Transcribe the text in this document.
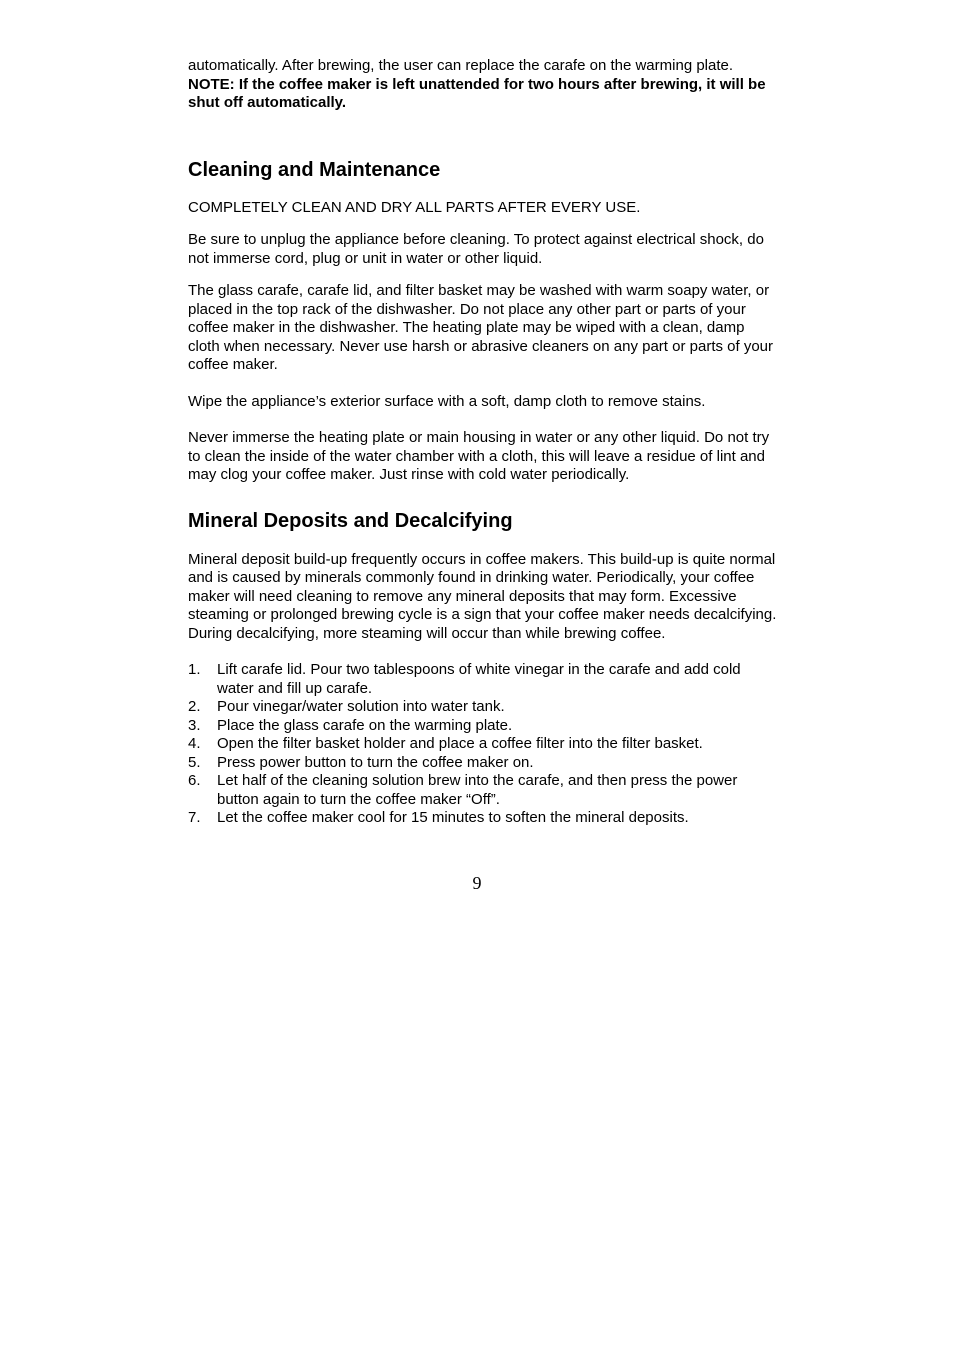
automatically. After brewing, the user can replace the carafe on the warming plate.

NOTE: If the coffee maker is left unattended for two hours after brewing, it will be shut off automatically.

Cleaning and Maintenance

COMPLETELY CLEAN AND DRY ALL PARTS AFTER EVERY USE.

Be sure to unplug the appliance before cleaning. To protect against electrical shock, do not immerse cord, plug or unit in water or other liquid.

The glass carafe, carafe lid, and filter basket may be washed with warm soapy water, or placed in the top rack of the dishwasher. Do not place any other part or parts of your coffee maker in the dishwasher. The heating plate may be wiped with a clean, damp cloth when necessary. Never use harsh or abrasive cleaners on any part or parts of your coffee maker.

Wipe the appliance’s exterior surface with a soft, damp cloth to remove stains.

Never immerse the heating plate or main housing in water or any other liquid. Do not try to clean the inside of the water chamber with a cloth, this will leave a residue of lint and may clog your coffee maker. Just rinse with cold water periodically.

Mineral Deposits and Decalcifying

Mineral deposit build-up frequently occurs in coffee makers. This build-up is quite normal and is caused by minerals commonly found in drinking water. Periodically, your coffee maker will need cleaning to remove any mineral deposits that may form. Excessive steaming or prolonged brewing cycle is a sign that your coffee maker needs decalcifying. During decalcifying, more steaming will occur than while brewing coffee.

1.	Lift carafe lid. Pour two tablespoons of white vinegar in the carafe and add cold water and fill up carafe.
2.	Pour vinegar/water solution into water tank.
3.	Place the glass carafe on the warming plate.
4.	Open the filter basket holder and place a coffee filter into the filter basket.
5.	Press power button to turn the coffee maker on.
6.	Let half of the cleaning solution brew into the carafe, and then press the power button again to turn the coffee maker “Off”.
7.	Let the coffee maker cool for 15 minutes to soften the mineral deposits.
9
